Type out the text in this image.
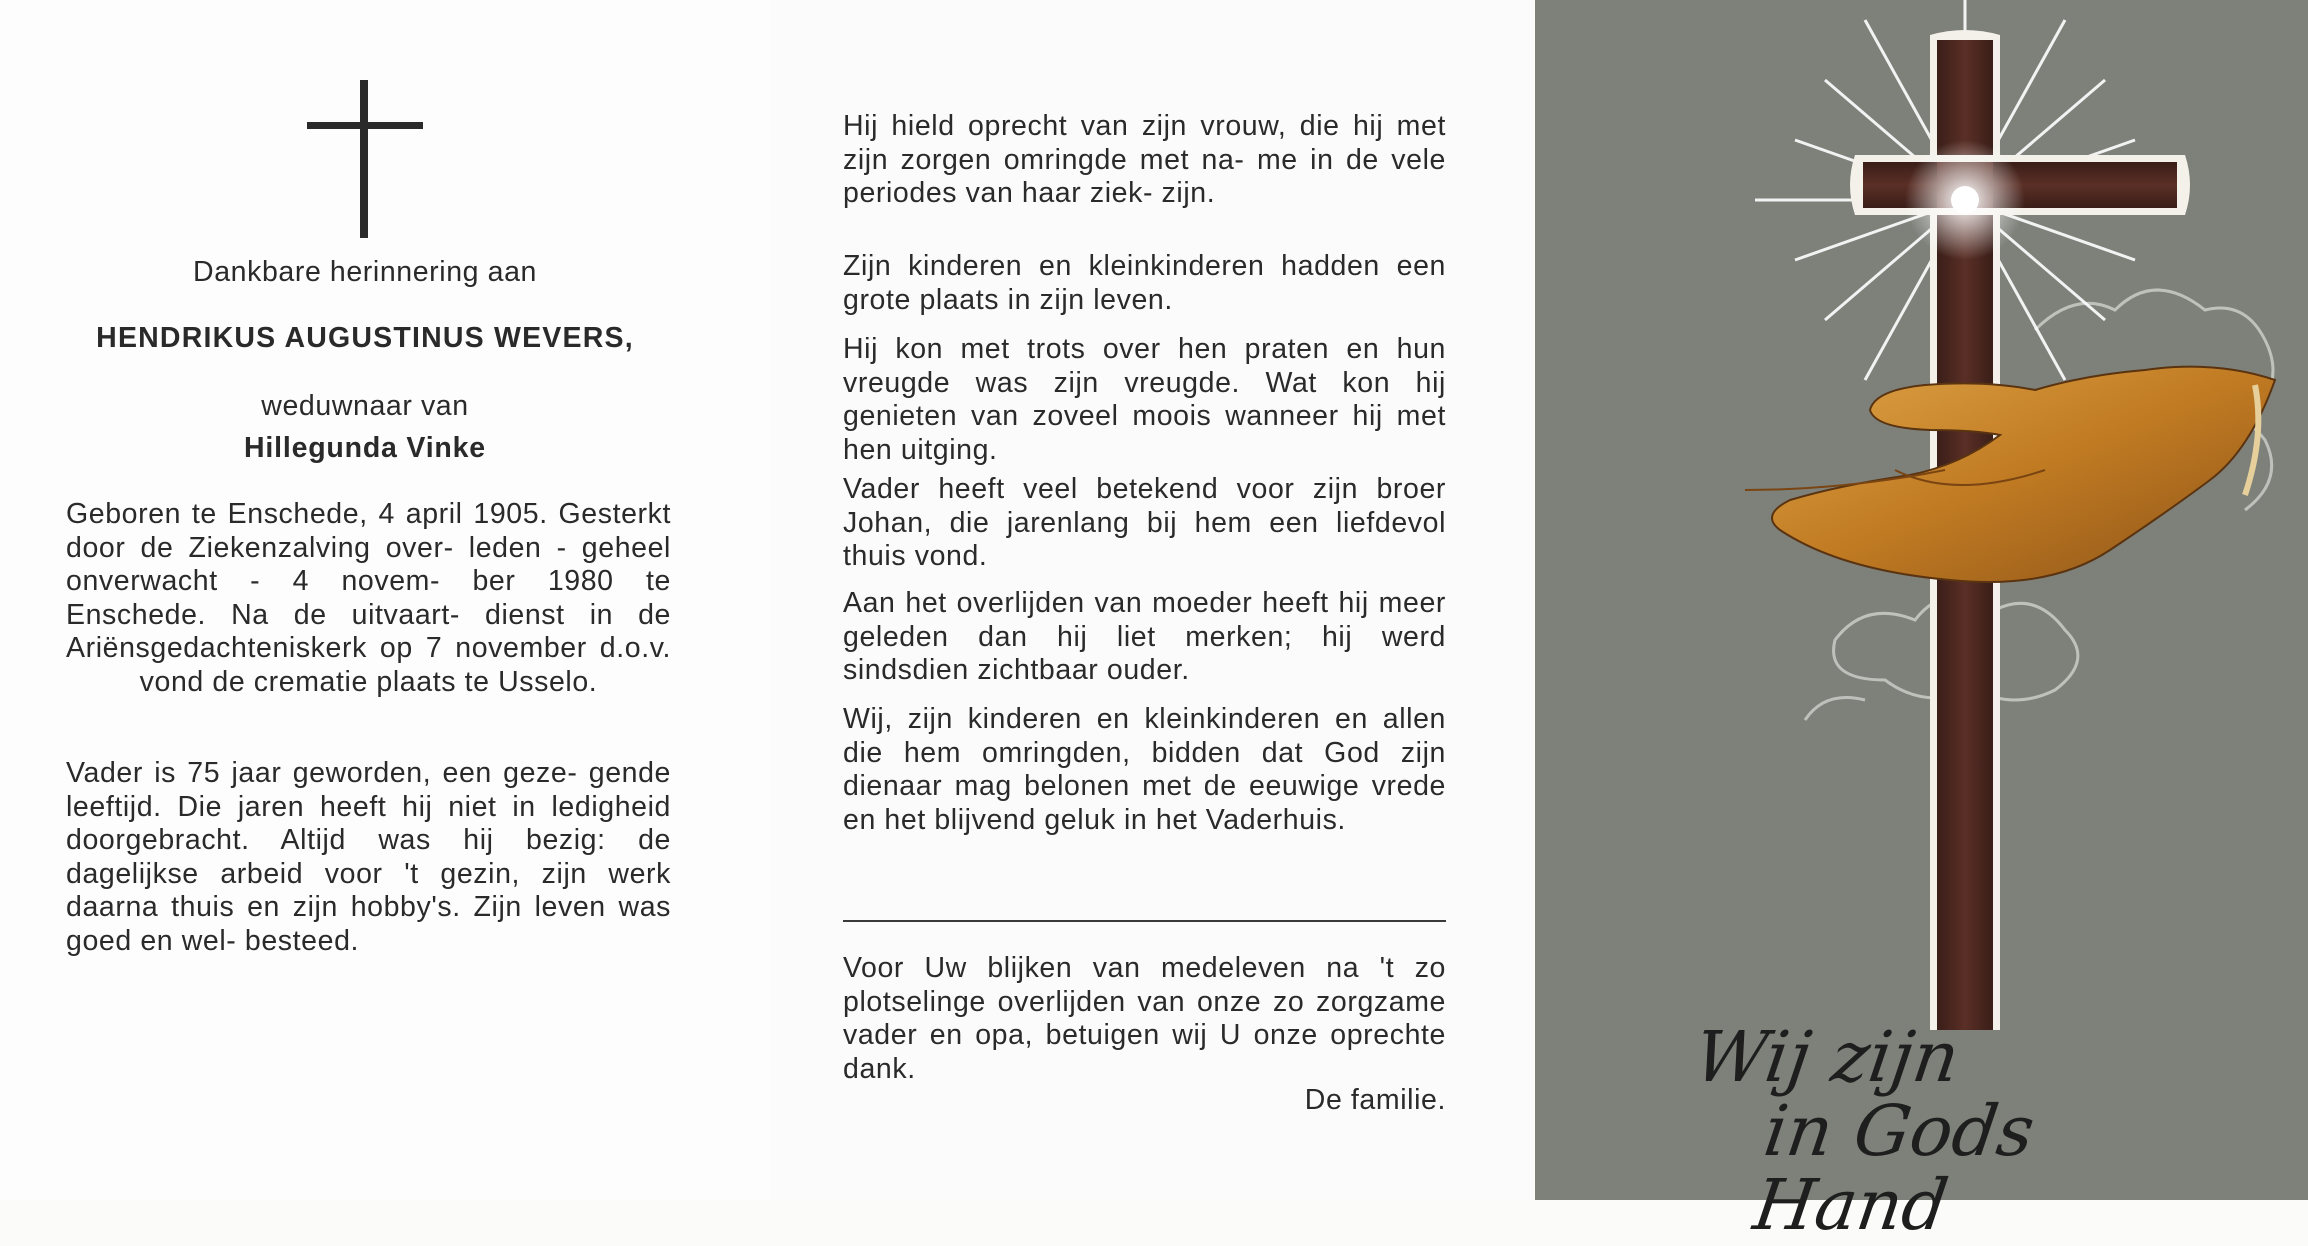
Dankbare herinnering aan
HENDRIKUS AUGUSTINUS WEVERS,
weduwnaar van
Hillegunda Vinke
Geboren te Enschede, 4 april 1905. Gesterkt door de Ziekenzalving over- leden - geheel onverwacht - 4 novem- ber 1980 te Enschede. Na de uitvaart- dienst in de Ariënsgedachteniskerk op 7 november d.o.v. vond de crematie plaats te Usselo.
Vader is 75 jaar geworden, een geze- gende leeftijd. Die jaren heeft hij niet in ledigheid doorgebracht. Altijd was hij bezig: de dagelijkse arbeid voor 't gezin, zijn werk daarna thuis en zijn hobby's. Zijn leven was goed en wel- besteed.
Hij hield oprecht van zijn vrouw, die hij met zijn zorgen omringde met na- me in de vele periodes van haar ziek- zijn.
Zijn kinderen en kleinkinderen hadden een grote plaats in zijn leven.
Hij kon met trots over hen praten en hun vreugde was zijn vreugde. Wat kon hij genieten van zoveel moois wanneer hij met hen uitging.
Vader heeft veel betekend voor zijn broer Johan, die jarenlang bij hem een liefdevol thuis vond.
Aan het overlijden van moeder heeft hij meer geleden dan hij liet merken; hij werd sindsdien zichtbaar ouder.
Wij, zijn kinderen en kleinkinderen en allen die hem omringden, bidden dat God zijn dienaar mag belonen met de eeuwige vrede en het blijvend geluk in het Vaderhuis.
Voor Uw blijken van medeleven na 't zo plotselinge overlijden van onze zo zorgzame vader en opa, betuigen wij U onze oprechte dank.
De familie.
Wij zijn
in Gods Hand
